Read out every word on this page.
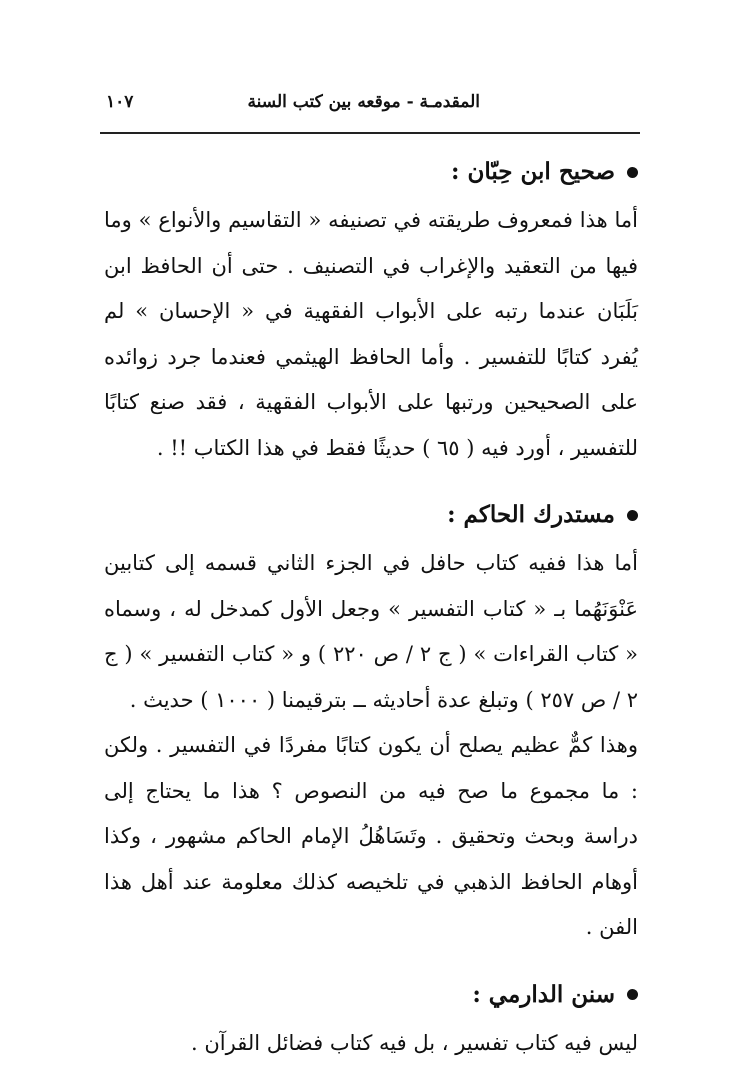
المقدمـة - موقعه بين كتب السنة
١٠٧
صحيح ابن حِبّان :

أما هذا فمعروف طريقته في تصنيفه « التقاسيم والأنواع » وما فيها من التعقيد والإغراب في التصنيف . حتى أن الحافظ ابن بَلَبَان عندما رتبه على الأبواب الفقهية في « الإحسان » لم يُفرد كتابًا للتفسير . وأما الحافظ الهيثمي فعندما جرد زوائده على الصحيحين ورتبها على الأبواب الفقهية ، فقد صنع كتابًا للتفسير ، أورد فيه ( ٦٥ ) حديثًا فقط في هذا الكتاب !! .

مستدرك الحاكم :

أما هذا ففيه كتاب حافل في الجزء الثاني قسمه إلى كتابين عَنْوَنَهُما بـ « كتاب التفسير » وجعل الأول كمدخل له ، وسماه « كتاب القراءات » ( ج ٢ / ص ٢٢٠ ) و « كتاب التفسير » ( ج ٢ / ص ٢٥٧ ) وتبلغ عدة أحاديثه ــ بترقيمنا ( ١٠٠٠ ) حديث .

وهذا كمٌّ عظيم يصلح أن يكون كتابًا مفردًا في التفسير . ولكن : ما مجموع ما صح فيه من النصوص ؟ هذا ما يحتاج إلى دراسة وبحث وتحقيق . وتَسَاهُلُ الإمام الحاكم مشهور ، وكذا أوهام الحافظ الذهبي في تلخيصه كذلك معلومة عند أهل هذا الفن .

سنن الدارمي :

ليس فيه كتاب تفسير ، بل فيه كتاب فضائل القرآن .
